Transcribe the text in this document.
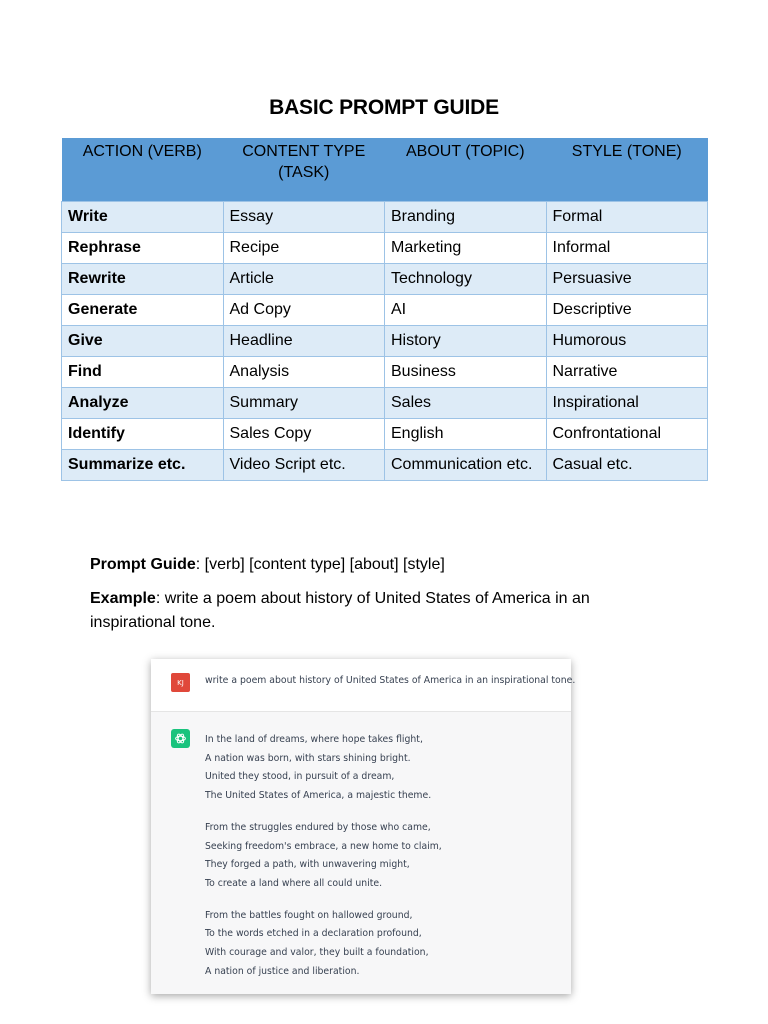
BASIC PROMPT GUIDE
ACTION (VERB)	CONTENT TYPE (TASK)	ABOUT (TOPIC)	STYLE (TONE)
Write	Essay	Branding	Formal
Rephrase	Recipe	Marketing	Informal
Rewrite	Article	Technology	Persuasive
Generate	Ad Copy	AI	Descriptive
Give	Headline	History	Humorous
Find	Analysis	Business	Narrative
Analyze	Summary	Sales	Inspirational
Identify	Sales Copy	English	Confrontational
Summarize etc.	Video Script etc.	Communication etc.	Casual etc.
Prompt Guide: [verb] [content type] [about] [style]
Example: write a poem about history of United States of America in an inspirational tone.
KJ	write a poem about history of United States of America in an inspirational tone.
In the land of dreams, where hope takes flight,
A nation was born, with stars shining bright.
United they stood, in pursuit of a dream,
The United States of America, a majestic theme.
From the struggles endured by those who came,
Seeking freedom's embrace, a new home to claim,
They forged a path, with unwavering might,
To create a land where all could unite.
From the battles fought on hallowed ground,
To the words etched in a declaration profound,
With courage and valor, they built a foundation,
A nation of justice and liberation.
